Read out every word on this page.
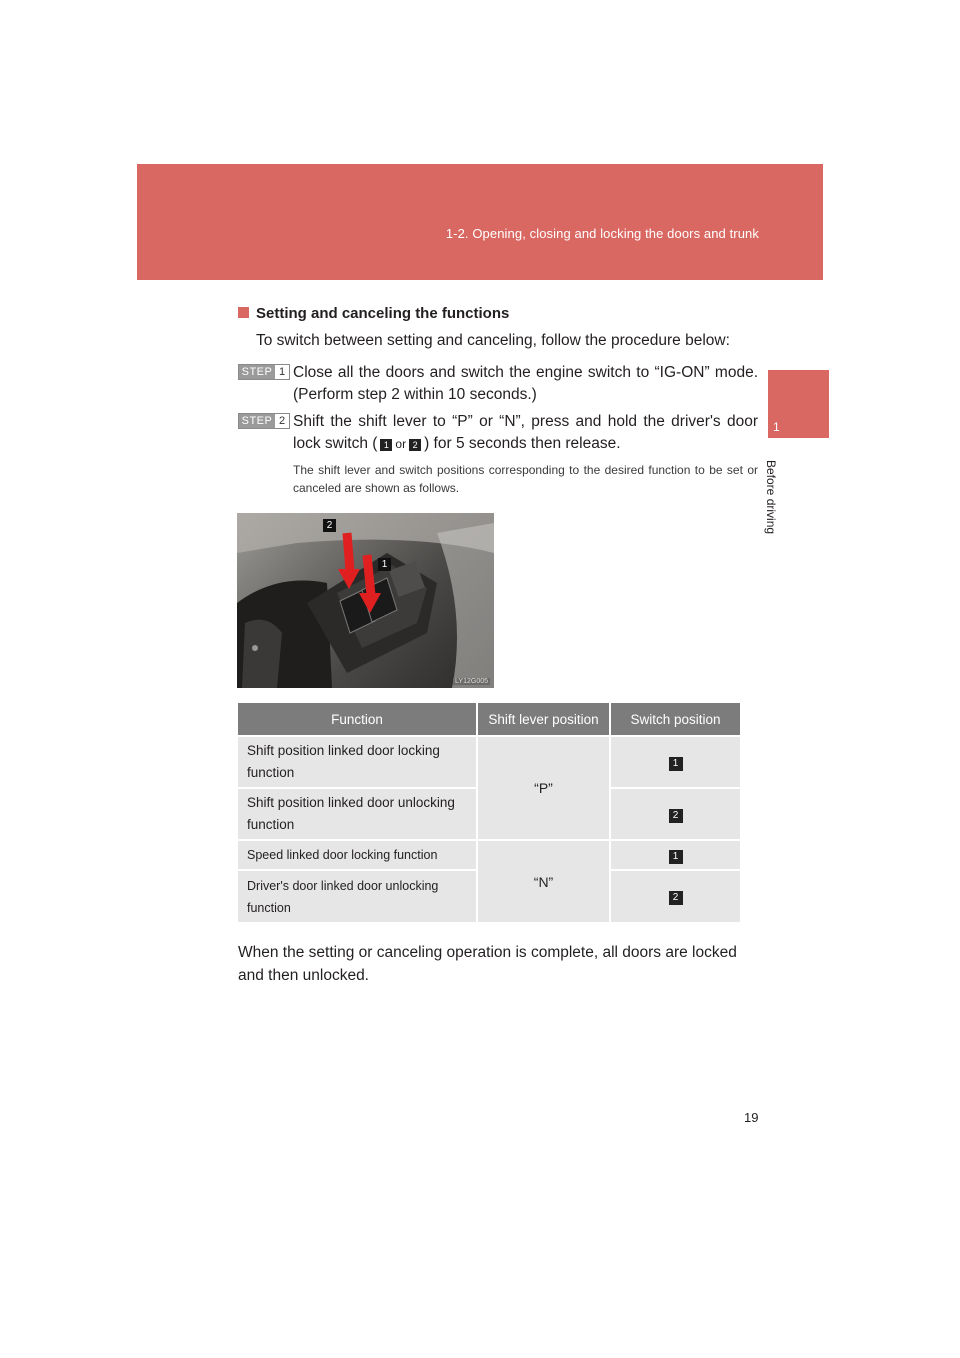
1-2. Opening, closing and locking the doors and trunk
1
Before driving
Setting and canceling the functions
To switch between setting and canceling, follow the procedure below:
STEP 1 Close all the doors and switch the engine switch to “IG-ON” mode. (Perform step 2 within 10 seconds.)
STEP 2 Shift the shift lever to “P” or “N”, press and hold the driver's door lock switch ( 1 or 2 ) for 5 seconds then release.
The shift lever and switch positions corresponding to the desired function to be set or canceled are shown as follows.
2
1
LY12G005
Function	Shift lever position	Switch position
Shift position linked door locking function	“P”	1
Shift position linked door unlocking function		2
Speed linked door locking function	“N”	1
Driver's door linked door unlocking function		2
When the setting or canceling operation is complete, all doors are locked and then unlocked.
19
